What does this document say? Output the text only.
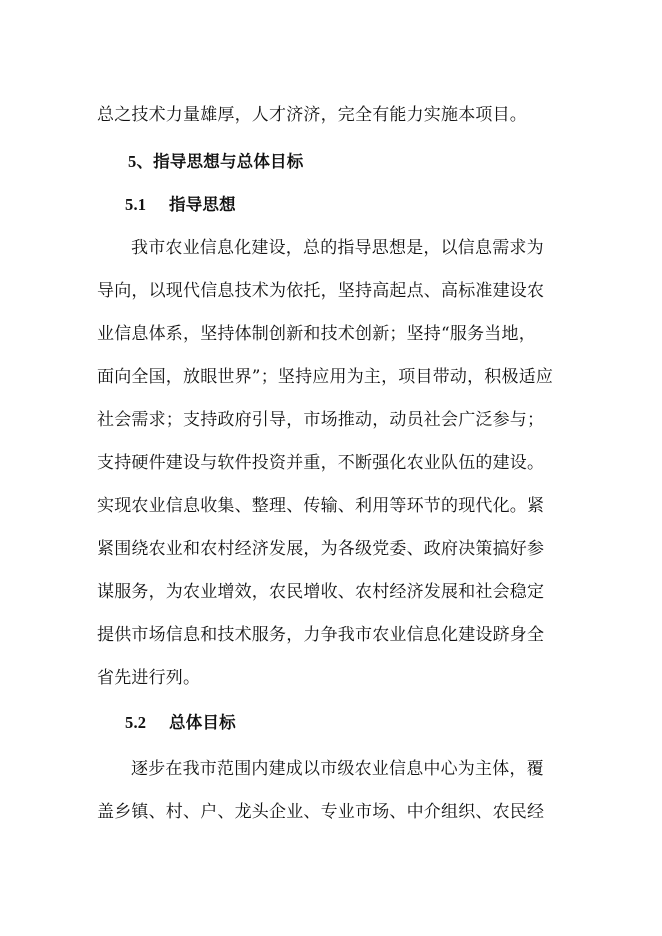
总之技术力量雄厚，人才济济，完全有能力实施本项目。
5、指导思想与总体目标
5.1 指导思想
我市农业信息化建设，总的指导思想是，以信息需求为
导向，以现代信息技术为依托，坚持高起点、高标准建设农
业信息体系，坚持体制创新和技术创新；坚持“服务当地，
面向全国，放眼世界”；坚持应用为主，项目带动，积极适应
社会需求；支持政府引导，市场推动，动员社会广泛参与；
支持硬件建设与软件投资并重，不断强化农业队伍的建设。
实现农业信息收集、整理、传输、利用等环节的现代化。紧
紧围绕农业和农村经济发展，为各级党委、政府决策搞好参
谋服务，为农业增效，农民增收、农村经济发展和社会稳定
提供市场信息和技术服务，力争我市农业信息化建设跻身全
省先进行列。
5.2 总体目标
逐步在我市范围内建成以市级农业信息中心为主体，覆
盖乡镇、村、户、龙头企业、专业市场、中介组织、农民经
